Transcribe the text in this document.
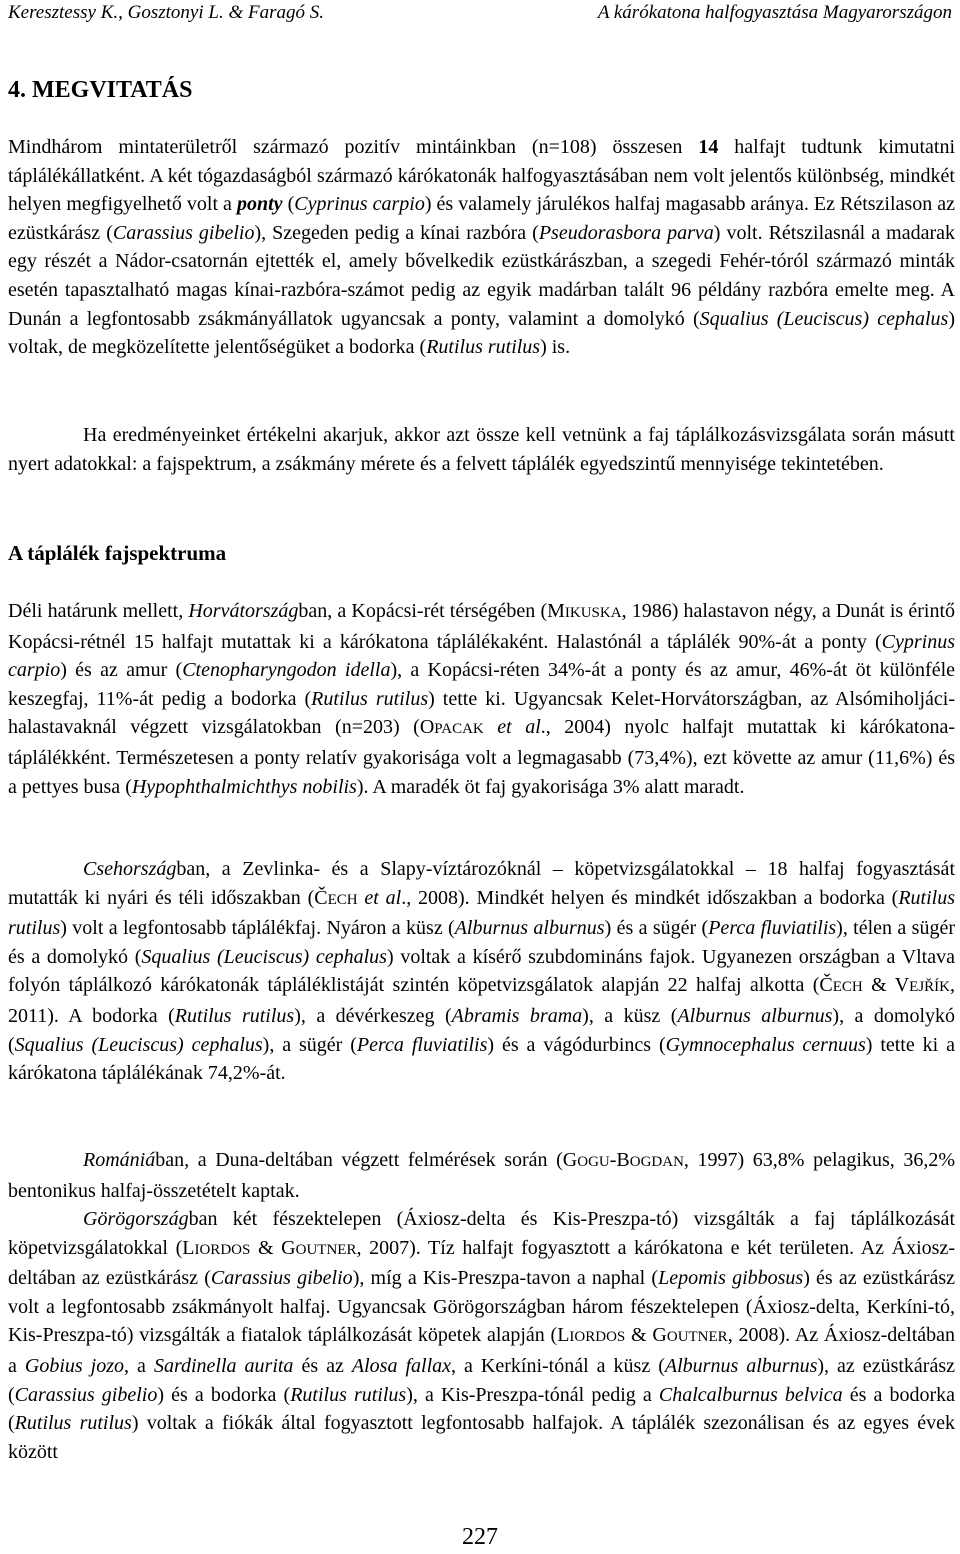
Keresztessy K., Gosztonyi L. & Faragó S.	A kárókatona halfogyasztása Magyarországon
4. MEGVITATÁS

Mindhárom mintaterületről származó pozitív mintáinkban (n=108) összesen 14 halfajt tudtunk kimutatni táplálékállatként. A két tógazdaságból származó kárókatonák halfogyasztásában nem volt jelentős különbség, mindkét helyen megfigyelhető volt a ponty (Cyprinus carpio) és valamely járulékos halfaj magasabb aránya. Ez Rétszilason az ezüstkárász (Carassius gibelio), Szegeden pedig a kínai razbóra (Pseudorasbora parva) volt. Rétszilasnál a madarak egy részét a Nádor-csatornán ejtették el, amely bővelkedik ezüstkárászban, a szegedi Fehér-tóról származó minták esetén tapasztalható magas kínai-razbóra-számot pedig az egyik madárban talált 96 példány razbóra emelte meg. A Dunán a legfontosabb zsákmányállatok ugyancsak a ponty, valamint a domolykó (Squalius (Leuciscus) cephalus) voltak, de megközelítette jelentőségüket a bodorka (Rutilus rutilus) is.

Ha eredményeinket értékelni akarjuk, akkor azt össze kell vetnünk a faj táplálkozásvizsgálata során másutt nyert adatokkal: a fajspektrum, a zsákmány mérete és a felvett táplálék egyedszintű mennyisége tekintetében.

A táplálék fajspektruma

Déli határunk mellett, Horvátországban, a Kopácsi-rét térségében (MIKUSKA, 1986) halastavon négy, a Dunát is érintő Kopácsi-rétnél 15 halfajt mutattak ki a kárókatona táplálékaként. Halastónál a táplálék 90%-át a ponty (Cyprinus carpio) és az amur (Ctenopharyngodon idella), a Kopácsi-réten 34%-át a ponty és az amur, 46%-át öt különféle keszegfaj, 11%-át pedig a bodorka (Rutilus rutilus) tette ki. Ugyancsak Kelet-Horvátországban, az Alsómiholjáci-halastavaknál végzett vizsgálatokban (n=203) (OPACAK et al., 2004) nyolc halfajt mutattak ki kárókatona-táplálékként. Természetesen a ponty relatív gyakorisága volt a legmagasabb (73,4%), ezt követte az amur (11,6%) és a pettyes busa (Hypophthalmichthys nobilis). A maradék öt faj gyakorisága 3% alatt maradt.

Csehországban, a Zevlinka- és a Slapy-víztározóknál – köpetvizsgálatokkal – 18 halfaj fogyasztását mutatták ki nyári és téli időszakban (ČECH et al., 2008). Mindkét helyen és mindkét időszakban a bodorka (Rutilus rutilus) volt a legfontosabb táplálékfaj. Nyáron a küsz (Alburnus alburnus) és a sügér (Perca fluviatilis), télen a sügér és a domolykó (Squalius (Leuciscus) cephalus) voltak a kísérő szubdomináns fajok. Ugyanezen országban a Vltava folyón táplálkozó kárókatonák tápláléklistáját szintén köpetvizsgálatok alapján 22 halfaj alkotta (ČECH & VEJŘÍK, 2011). A bodorka (Rutilus rutilus), a dévérkeszeg (Abramis brama), a küsz (Alburnus alburnus), a domolykó (Squalius (Leuciscus) cephalus), a sügér (Perca fluviatilis) és a vágódurbincs (Gymnocephalus cernuus) tette ki a kárókatona táplálékának 74,2%-át.

Romániában, a Duna-deltában végzett felmérések során (GOGU-BOGDAN, 1997) 63,8% pelagikus, 36,2% bentonikus halfaj-összetételt kaptak.

Görögországban két fészektelepen (Áxiosz-delta és Kis-Preszpa-tó) vizsgálták a faj táplálkozását köpetvizsgálatokkal (LIORDOS & GOUTNER, 2007). Tíz halfajt fogyasztott a kárókatona e két területen. Az Áxiosz-deltában az ezüstkárász (Carassius gibelio), míg a Kis-Preszpa-tavon a naphal (Lepomis gibbosus) és az ezüstkárász volt a legfontosabb zsákmányolt halfaj. Ugyancsak Görögországban három fészektelepen (Áxiosz-delta, Kerkíni-tó, Kis-Preszpa-tó) vizsgálták a fiatalok táplálkozását köpetek alapján (LIORDOS & GOUTNER, 2008). Az Áxiosz-deltában a Gobius jozo, a Sardinella aurita és az Alosa fallax, a Kerkíni-tónál a küsz (Alburnus alburnus), az ezüstkárász (Carassius gibelio) és a bodorka (Rutilus rutilus), a Kis-Preszpa-tónál pedig a Chalcalburnus belvica és a bodorka (Rutilus rutilus) voltak a fiókák által fogyasztott legfontosabb halfajok. A táplálék szezonálisan és az egyes évek között

227
